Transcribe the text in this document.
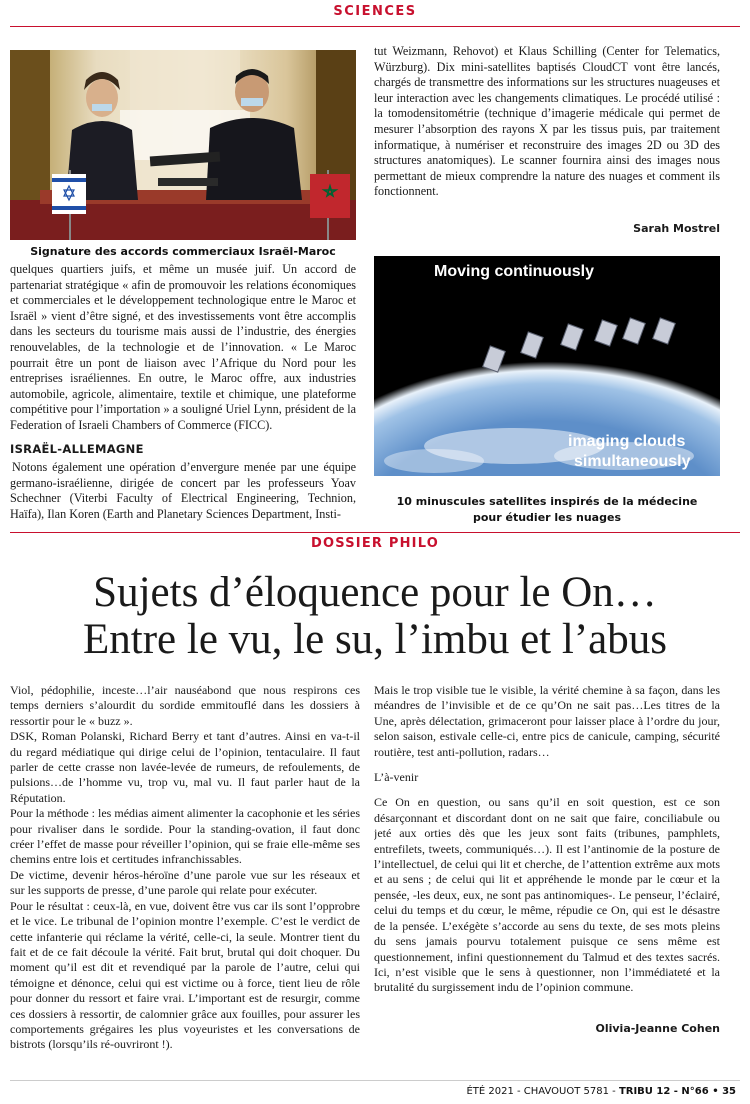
SCIENCES
Signature des accords commerciaux Israël-Maroc
quelques quartiers juifs, et même un musée juif. Un accord de partenariat stratégique « afin de promouvoir les relations économiques et commerciales et le développement technologique entre le Maroc et Israël » vient d’être signé, et des investissements vont être accomplis dans les secteurs du tourisme mais aussi de l’industrie, des énergies renouvelables, de la technologie et de l’innovation. « Le Maroc pourrait être un pont de liaison avec l’Afrique du Nord pour les entreprises israéliennes. En outre, le Maroc offre, aux industries automobile, agricole, alimentaire, textile et chimique, une plateforme compétitive pour l’importation » a souligné Uriel Lynn, président de la Federation of Israeli Chambers of Commerce (FICC).
ISRAËL-ALLEMAGNE
Notons également une opération d’envergure menée par une équipe germano-israélienne, dirigée de concert par les professeurs Yoav Schechner (Viterbi Faculty of Electrical Engineering, Technion, Haïfa), Ilan Koren (Earth and Planetary Sciences Department, Insti-
tut Weizmann, Rehovot) et Klaus Schilling (Center for Telematics, Würzburg). Dix mini-satellites baptisés CloudCT vont être lancés, chargés de transmettre des informations sur les structures nuageuses et leur interaction avec les changements climatiques. Le procédé utilisé : la tomodensitométrie (technique d’imagerie médicale qui permet de mesurer l’absorption des rayons X par les tissus puis, par traitement informatique, à numériser et reconstruire des images 2D ou 3D des structures anatomiques). Le scanner fournira ainsi des images nous permettant de mieux comprendre la nature des nuages et comment ils fonctionnent.
Sarah Mostrel
Moving continuously
imaging clouds
simultaneously
10 minuscules satellites inspirés de la médecine pour étudier les nuages
DOSSIER PHILO
Sujets d’éloquence pour le On…
Entre le vu, le su, l’imbu et l’abus

Viol, pédophilie, inceste…l’air nauséabond que nous respirons ces temps derniers s’alourdit du sordide emmitouflé dans les dossiers à ressortir pour le « buzz ».

DSK, Roman Polanski, Richard Berry et tant d’autres. Ainsi en va-t-il du regard médiatique qui dirige celui de l’opinion, tentaculaire. Il faut parler de cette crasse non lavée-levée de rumeurs, de refoulements, de pulsions…de l’homme vu, trop vu, mal vu. Il faut parler haut de la Réputation.

Pour la méthode : les médias aiment alimenter la cacophonie et les séries pour rivaliser dans le sordide. Pour la standing-ovation, il faut donc créer l’effet de masse pour réveiller l’opinion, qui se fraie elle-même ses chemins entre lois et certitudes infranchissables.

De victime, devenir héros-héroïne d’une parole vue sur les réseaux et sur les supports de presse, d’une parole qui relate pour exécuter.

Pour le résultat : ceux-là, en vue, doivent être vus car ils sont l’opprobre et le vice. Le tribunal de l’opinion montre l’exemple. C’est le verdict de cette infanterie qui réclame la vérité, celle-ci, la seule. Montrer tient du fait et de ce fait découle la vérité. Fait brut, brutal qui doit choquer. Du moment qu’il est dit et revendiqué par la parole de l’autre, celui qui témoigne et dénonce, celui qui est victime ou à force, tient lieu de rôle pour donner du ressort et faire vrai. L’important est de resurgir, comme ces dossiers à ressortir, de calomnier grâce aux fouilles, pour assurer les comportements grégaires les plus voyeuristes et les conversations de bistrots (lorsqu’ils ré-ouvriront !).

Mais le trop visible tue le visible, la vérité chemine à sa façon, dans les méandres de l’invisible et de ce qu’On ne sait pas…Les titres de la Une, après délectation, grimaceront pour laisser place à l’ordre du jour, selon saison, estivale celle-ci, entre pics de canicule, camping, sécurité routière, test anti-pollution, radars…

L’à-venir

Ce On en question, ou sans qu’il en soit question, est ce son désarçonnant et discordant dont on ne sait que faire, conciliabule ou jeté aux orties dès que les jeux sont faits (tribunes, pamphlets, entrefilets, tweets, communiqués…). Il est l’antinomie de la posture de l’intellectuel, de celui qui lit et cherche, de l’attention extrême aux mots et au sens ; de celui qui lit et appréhende le monde par le cœur et la pensée, -les deux, eux, ne sont pas antinomiques-. Le penseur, l’éclairé, celui du temps et du cœur, le même, répudie ce On, qui est le désastre de la pensée. L’exégète s’accorde au sens du texte, de ses mots pleins du sens jamais pourvu totalement puisque ce sens même est questionnement, infini questionnement du Talmud et des textes sacrés. Ici, n’est visible que le sens à questionner, non l’immédiateté et la brutalité du surgissement indu de l’opinion commune.

Olivia-Jeanne Cohen
ÉTÉ 2021 - CHAVOUOT 5781 - TRIBU 12 - N°66 • 35
